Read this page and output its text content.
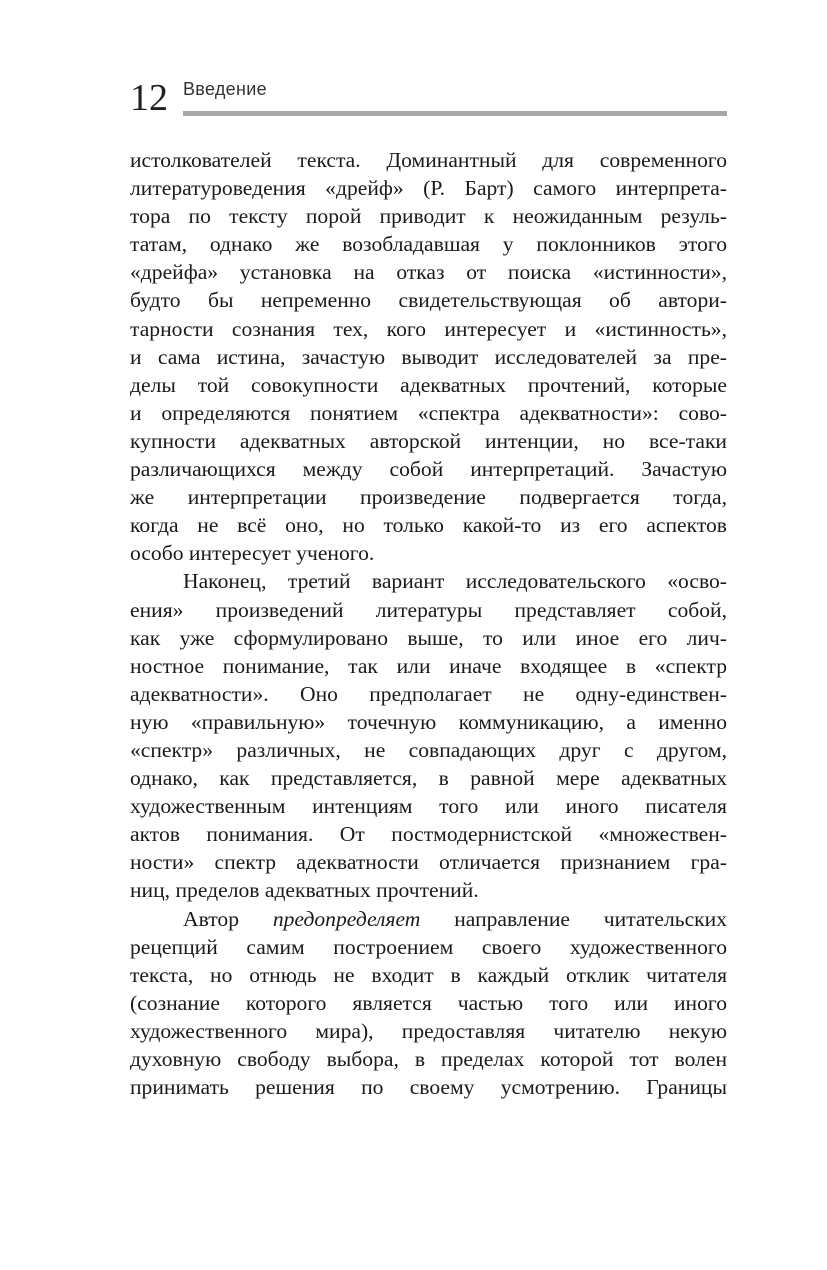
12 Введение
истолкователей текста. Доминантный для современного
литературоведения «дрейф» (Р. Барт) самого интерпрета-
тора по тексту порой приводит к неожиданным резуль-
татам, однако же возобладавшая у поклонников этого
«дрейфа» установка на отказ от поиска «истинности»,
будто бы непременно свидетельствующая об автори-
тарности сознания тех, кого интересует и «истинность»,
и сама истина, зачастую выводит исследователей за пре-
делы той совокупности адекватных прочтений, которые
и определяются понятием «спектра адекватности»: сово-
купности адекватных авторской интенции, но все-таки
различающихся между собой интерпретаций. Зачастую
же интерпретации произведение подвергается тогда,
когда не всё оно, но только какой-то из его аспектов
особо интересует ученого.
Наконец, третий вариант исследовательского «осво-
ения» произведений литературы представляет собой,
как уже сформулировано выше, то или иное его лич-
ностное понимание, так или иначе входящее в «спектр
адекватности». Оно предполагает не одну-единствен-
ную «правильную» точечную коммуникацию, а именно
«спектр» различных, не совпадающих друг с другом,
однако, как представляется, в равной мере адекватных
художественным интенциям того или иного писателя
актов понимания. От постмодернистской «множествен-
ности» спектр адекватности отличается признанием гра-
ниц, пределов адекватных прочтений.
Автор предопределяет направление читательских
рецепций самим построением своего художественного
текста, но отнюдь не входит в каждый отклик читателя
(сознание которого является частью того или иного
художественного мира), предоставляя читателю некую
духовную свободу выбора, в пределах которой тот волен
принимать решения по своему усмотрению. Границы
